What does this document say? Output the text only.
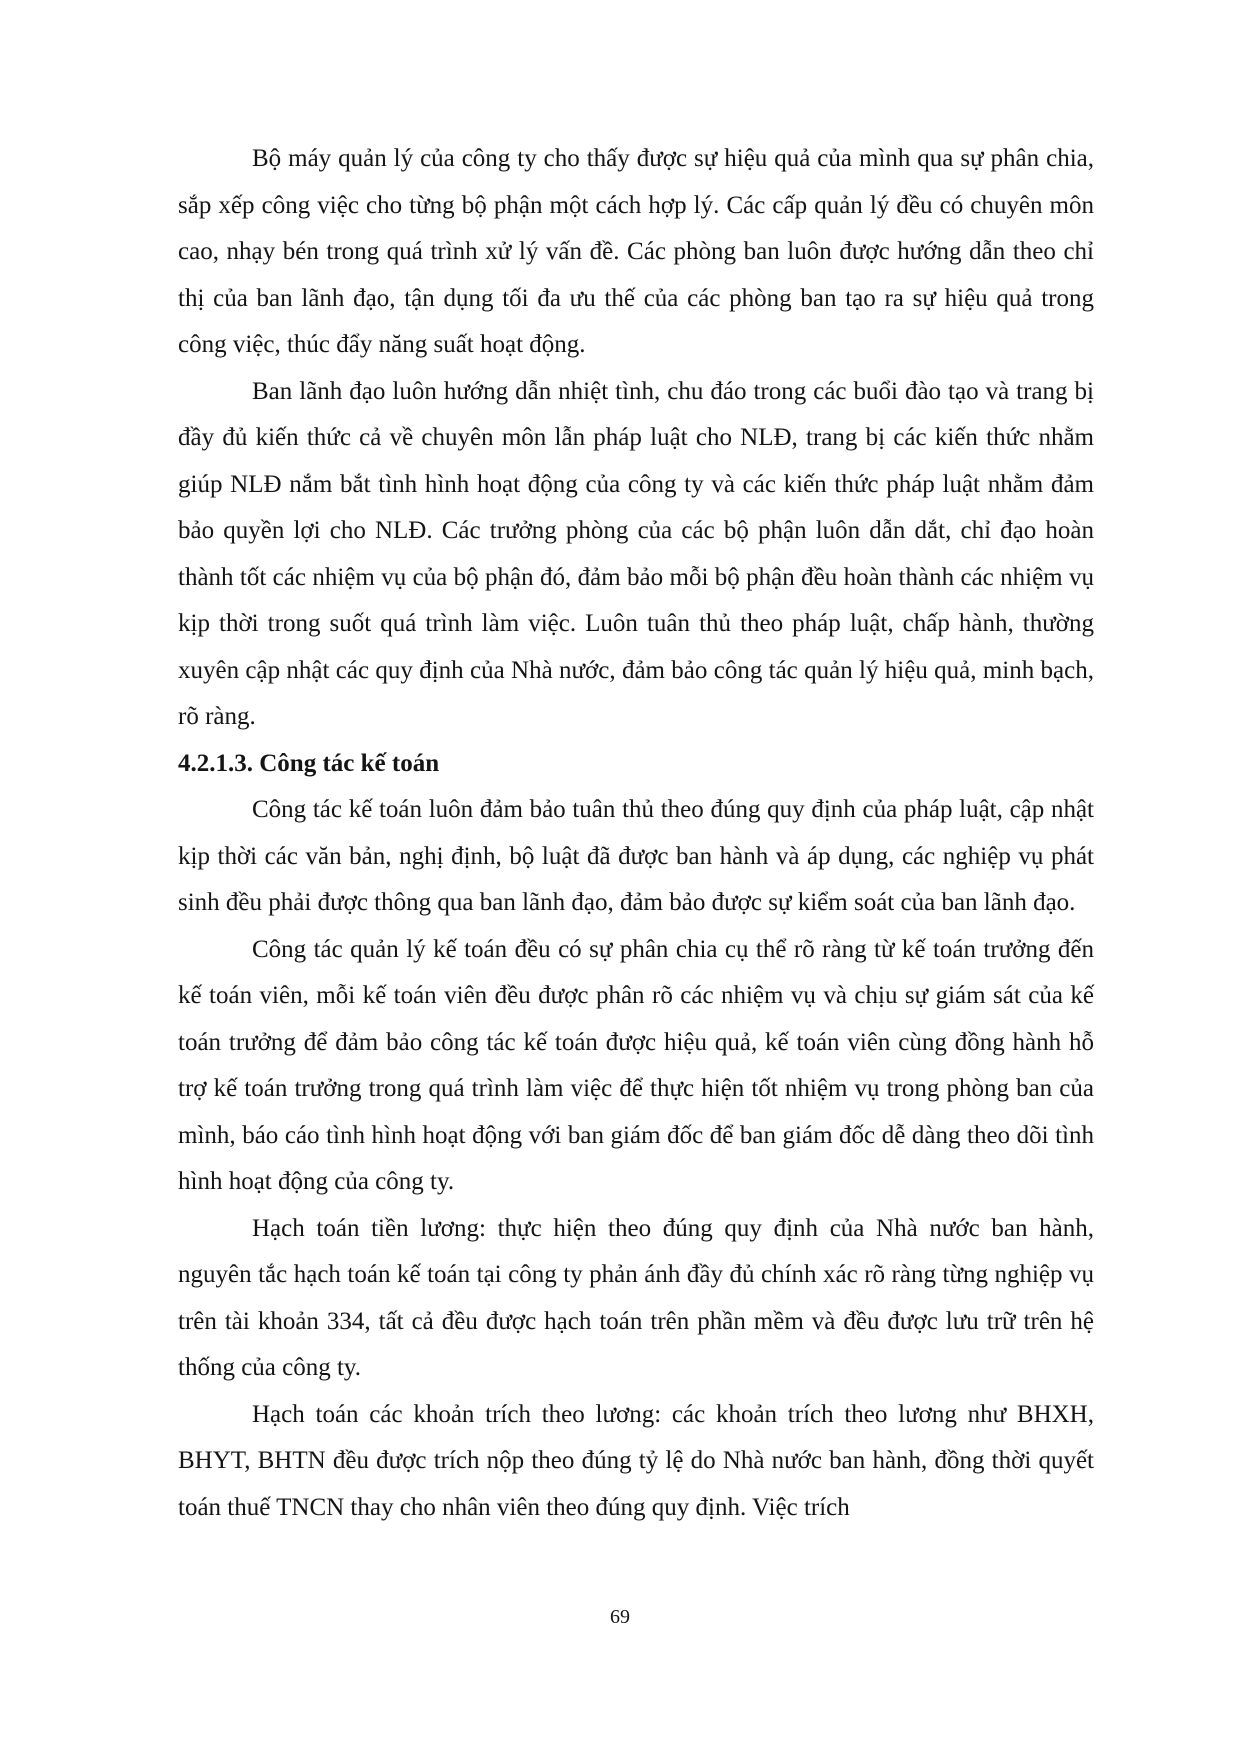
Bộ máy quản lý của công ty cho thấy được sự hiệu quả của mình qua sự phân chia, sắp xếp công việc cho từng bộ phận một cách hợp lý. Các cấp quản lý đều có chuyên môn cao, nhạy bén trong quá trình xử lý vấn đề. Các phòng ban luôn được hướng dẫn theo chỉ thị của ban lãnh đạo, tận dụng tối đa ưu thế của các phòng ban tạo ra sự hiệu quả trong công việc, thúc đẩy năng suất hoạt động.

Ban lãnh đạo luôn hướng dẫn nhiệt tình, chu đáo trong các buổi đào tạo và trang bị đầy đủ kiến thức cả về chuyên môn lẫn pháp luật cho NLĐ, trang bị các kiến thức nhằm giúp NLĐ nắm bắt tình hình hoạt động của công ty và các kiến thức pháp luật nhằm đảm bảo quyền lợi cho NLĐ. Các trưởng phòng của các bộ phận luôn dẫn dắt, chỉ đạo hoàn thành tốt các nhiệm vụ của bộ phận đó, đảm bảo mỗi bộ phận đều hoàn thành các nhiệm vụ kịp thời trong suốt quá trình làm việc. Luôn tuân thủ theo pháp luật, chấp hành, thường xuyên cập nhật các quy định của Nhà nước, đảm bảo công tác quản lý hiệu quả, minh bạch, rõ ràng.

4.2.1.3. Công tác kế toán

Công tác kế toán luôn đảm bảo tuân thủ theo đúng quy định của pháp luật, cập nhật kịp thời các văn bản, nghị định, bộ luật đã được ban hành và áp dụng, các nghiệp vụ phát sinh đều phải được thông qua ban lãnh đạo, đảm bảo được sự kiểm soát của ban lãnh đạo.

Công tác quản lý kế toán đều có sự phân chia cụ thể rõ ràng từ kế toán trưởng đến kế toán viên, mỗi kế toán viên đều được phân rõ các nhiệm vụ và chịu sự giám sát của kế toán trưởng để đảm bảo công tác kế toán được hiệu quả, kế toán viên cùng đồng hành hỗ trợ kế toán trưởng trong quá trình làm việc để thực hiện tốt nhiệm vụ trong phòng ban của mình, báo cáo tình hình hoạt động với ban giám đốc để ban giám đốc dễ dàng theo dõi tình hình hoạt động của công ty.

Hạch toán tiền lương: thực hiện theo đúng quy định của Nhà nước ban hành, nguyên tắc hạch toán kế toán tại công ty phản ánh đầy đủ chính xác rõ ràng từng nghiệp vụ trên tài khoản 334, tất cả đều được hạch toán trên phần mềm và đều được lưu trữ trên hệ thống của công ty.

Hạch toán các khoản trích theo lương: các khoản trích theo lương như BHXH, BHYT, BHTN đều được trích nộp theo đúng tỷ lệ do Nhà nước ban hành, đồng thời quyết toán thuế TNCN thay cho nhân viên theo đúng quy định. Việc trích

69
